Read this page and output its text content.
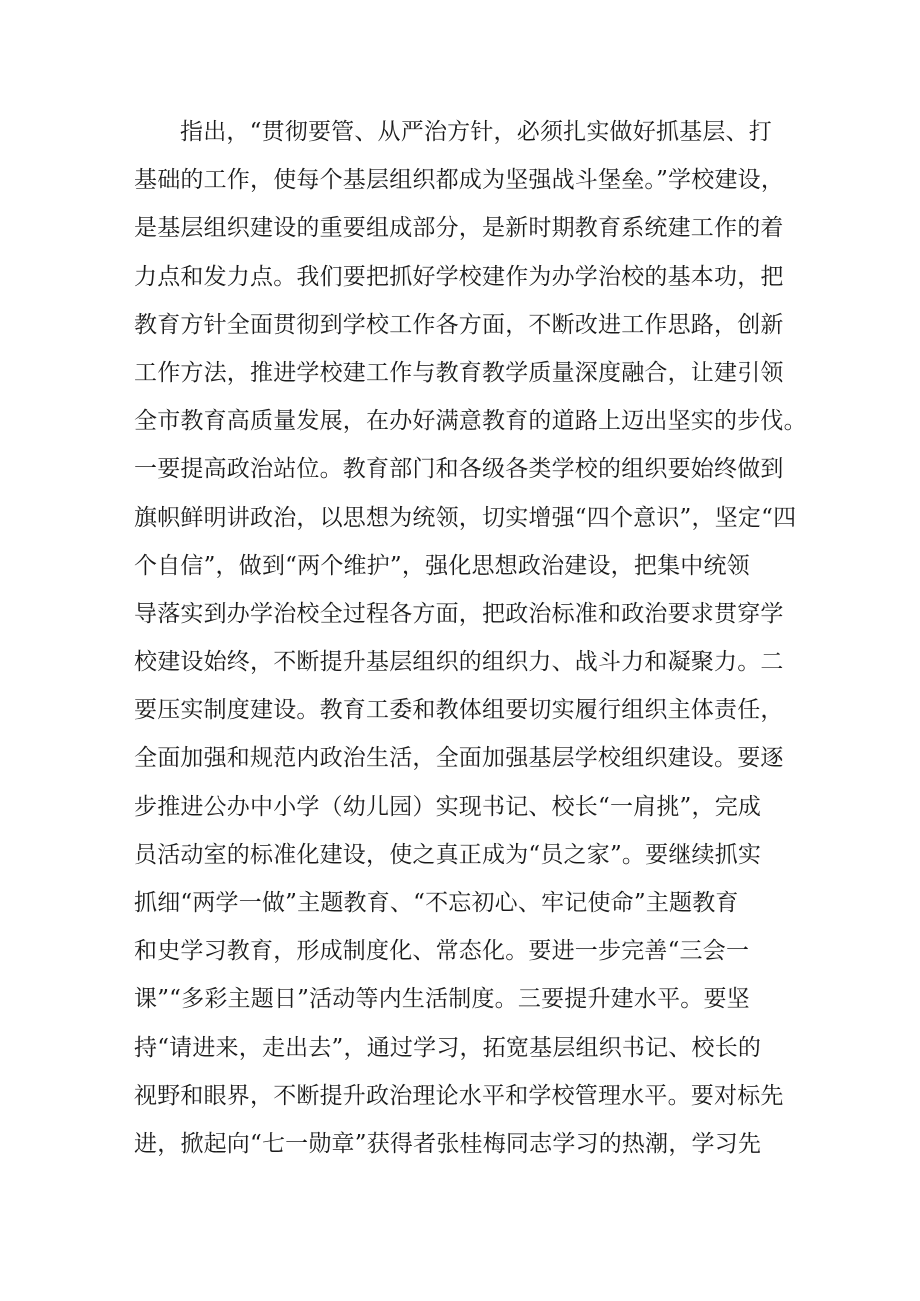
指出，“贯彻要管、从严治方针，必须扎实做好抓基层、打
基础的工作，使每个基层组织都成为坚强战斗堡垒。”学校建设，
是基层组织建设的重要组成部分，是新时期教育系统建工作的着
力点和发力点。我们要把抓好学校建作为办学治校的基本功，把
教育方针全面贯彻到学校工作各方面，不断改进工作思路，创新
工作方法，推进学校建工作与教育教学质量深度融合，让建引领
全市教育高质量发展，在办好满意教育的道路上迈出坚实的步伐。
一要提高政治站位。教育部门和各级各类学校的组织要始终做到
旗帜鲜明讲政治，以思想为统领，切实增强“四个意识”，坚定“四
个自信”，做到“两个维护”，强化思想政治建设，把集中统领
导落实到办学治校全过程各方面，把政治标准和政治要求贯穿学
校建设始终，不断提升基层组织的组织力、战斗力和凝聚力。二
要压实制度建设。教育工委和教体组要切实履行组织主体责任，
全面加强和规范内政治生活，全面加强基层学校组织建设。要逐
步推进公办中小学（幼儿园）实现书记、校长“一肩挑”，完成
员活动室的标准化建设，使之真正成为“员之家”。要继续抓实
抓细“两学一做”主题教育、“不忘初心、牢记使命”主题教育
和史学习教育，形成制度化、常态化。要进一步完善“三会一
课”“多彩主题日”活动等内生活制度。三要提升建水平。要坚
持“请进来，走出去”，通过学习，拓宽基层组织书记、校长的
视野和眼界，不断提升政治理论水平和学校管理水平。要对标先
进，掀起向“七一勋章”获得者张桂梅同志学习的热潮，学习先
